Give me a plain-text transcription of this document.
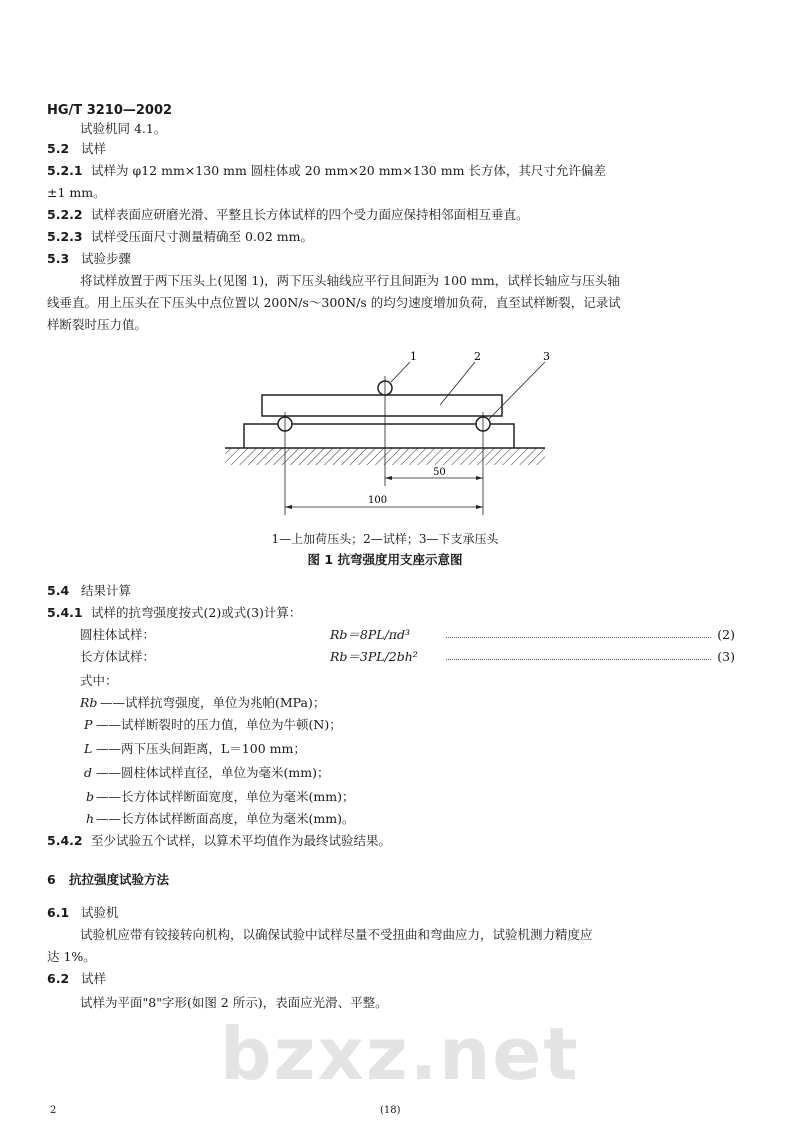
bzxz.net
HG/T 3210—2002
试验机同 4.1。
5.2 试样
5.2.1 试样为 φ12 mm×130 mm 圆柱体或 20 mm×20 mm×130 mm 长方体，其尺寸允许偏差
±1 mm。
5.2.2 试样表面应研磨光滑、平整且长方体试样的四个受力面应保持相邻面相互垂直。
5.2.3 试样受压面尺寸测量精确至 0.02 mm。
5.3 试验步骤
将试样放置于两下压头上(见图 1)，两下压头轴线应平行且间距为 100 mm，试样长轴应与压头轴
线垂直。用上压头在下压头中点位置以 200N/s～300N/s 的均匀速度增加负荷，直至试样断裂，记录试
样断裂时压力值。
1	2	3
50
100
1—上加荷压头；2—试样；3—下支承压头
图 1 抗弯强度用支座示意图
5.4 结果计算
5.4.1 试样的抗弯强度按式(2)或式(3)计算：
圆柱体试样：	Rb＝8PL/πd³	(2)
长方体试样：	Rb＝3PL/2bh²	(3)
式中：
Rb ——试样抗弯强度，单位为兆帕(MPa)；
P ——试样断裂时的压力值，单位为牛顿(N)；
L ——两下压头间距离，L＝100 mm；
d ——圆柱体试样直径，单位为毫米(mm)；
b ——长方体试样断面宽度，单位为毫米(mm)；
h ——长方体试样断面高度，单位为毫米(mm)。
5.4.2 至少试验五个试样，以算术平均值作为最终试验结果。
6 抗拉强度试验方法
6.1 试验机
试验机应带有铰接转向机构，以确保试验中试样尽量不受扭曲和弯曲应力，试验机测力精度应
达 1%。
6.2 试样
试样为平面"8"字形(如图 2 所示)，表面应光滑、平整。
2	(18)
